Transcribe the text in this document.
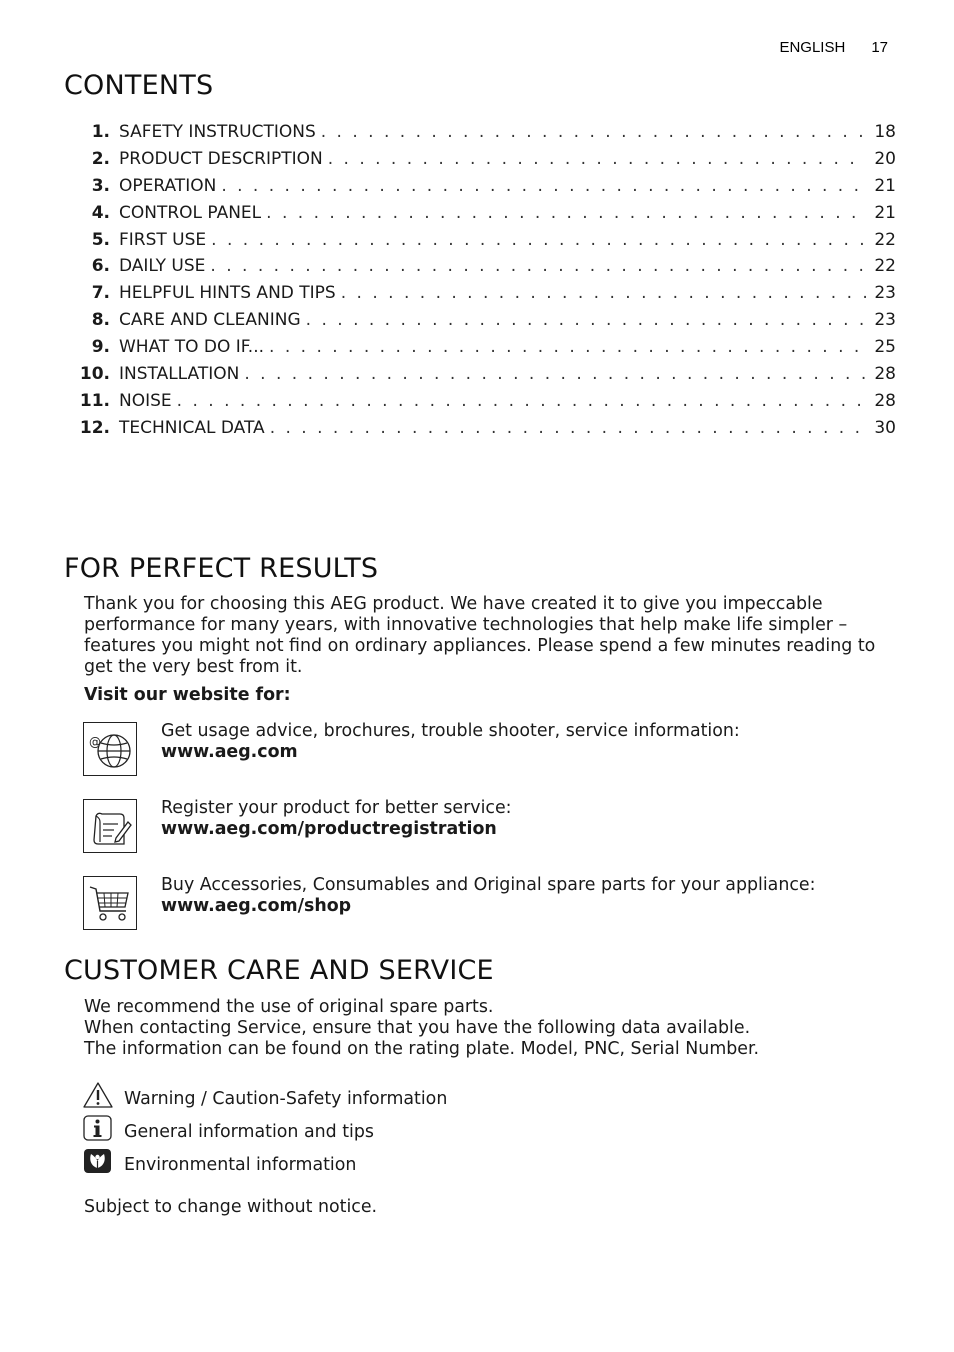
ENGLISH 17
CONTENTS
1. SAFETY INSTRUCTIONS . . .	18
2. PRODUCT DESCRIPTION . . .	20
3. OPERATION . . .	21
4. CONTROL PANEL . . .	21
5. FIRST USE . . .	22
6. DAILY USE . . .	22
7. HELPFUL HINTS AND TIPS . . .	23
8. CARE AND CLEANING . . .	23
9. WHAT TO DO IF... . . .	25
10. INSTALLATION . . .	28
11. NOISE . . .	28
12. TECHNICAL DATA . . .	30
FOR PERFECT RESULTS

Thank you for choosing this AEG product. We have created it to give you impeccable performance for many years, with innovative technologies that help make life simpler – features you might not find on ordinary appliances. Please spend a few minutes reading to get the very best from it.

Visit our website for:

@
Get usage advice, brochures, trouble shooter, service information:
www.aeg.com
Register your product for better service:
www.aeg.com/productregistration
Buy Accessories, Consumables and Original spare parts for your appliance:
www.aeg.com/shop
CUSTOMER CARE AND SERVICE

We recommend the use of original spare parts.

When contacting Service, ensure that you have the following data available.

The information can be found on the rating plate. Model, PNC, Serial Number.

Warning / Caution-Safety information
General information and tips
Environmental information

Subject to change without notice.
